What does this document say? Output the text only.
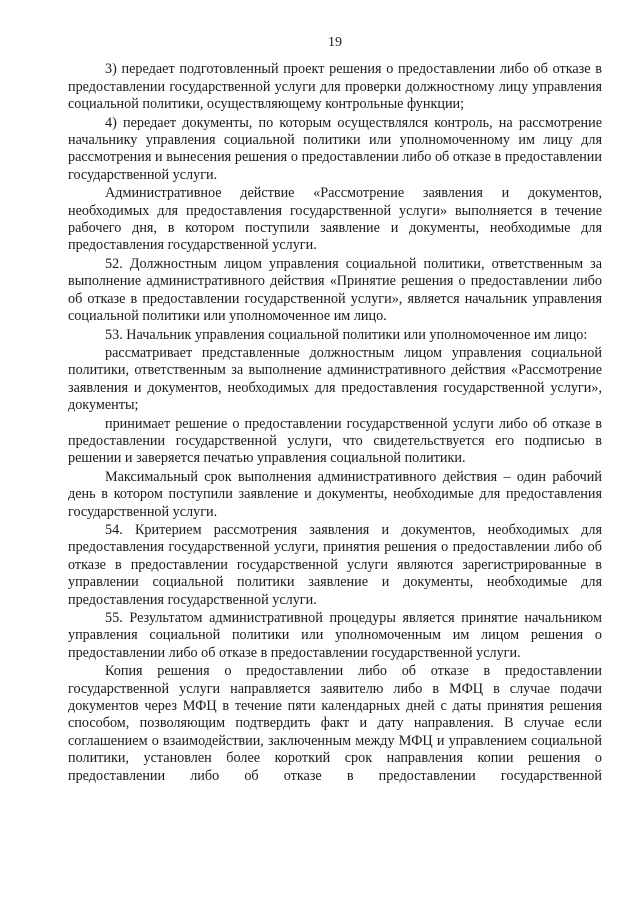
19

3) передает подготовленный проект решения о предоставлении либо об отказе в предоставлении государственной услуги для проверки должностному лицу управления социальной политики, осуществляющему контрольные функции;

4) передает документы, по которым осуществлялся контроль, на рассмотрение начальнику управления социальной политики или уполномоченному им лицу для рассмотрения и вынесения решения о предоставлении либо об отказе в предоставлении государственной услуги.

Административное действие «Рассмотрение заявления и документов, необходимых для предоставления государственной услуги» выполняется в течение рабочего дня, в котором поступили заявление и документы, необходимые для предоставления государственной услуги.

52. Должностным лицом управления социальной политики, ответственным за выполнение административного действия «Принятие решения о предоставлении либо об отказе в предоставлении государственной услуги», является начальник управления социальной политики или уполномоченное им лицо.

53. Начальник управления социальной политики или уполномоченное им лицо:

рассматривает представленные должностным лицом управления социальной политики, ответственным за выполнение административного действия «Рассмотрение заявления и документов, необходимых для предоставления государственной услуги», документы;

принимает решение о предоставлении государственной услуги либо об отказе в предоставлении государственной услуги, что свидетельствуется его подписью в решении и заверяется печатью управления социальной политики.

Максимальный срок выполнения административного действия – один рабочий день в котором поступили заявление и документы, необходимые для предоставления государственной услуги.

54. Критерием рассмотрения заявления и документов, необходимых для предоставления государственной услуги, принятия решения о предоставлении либо об отказе в предоставлении государственной услуги являются зарегистрированные в управлении социальной политики заявление и документы, необходимые для предоставления государственной услуги.

55. Результатом административной процедуры является принятие начальником управления социальной политики или уполномоченным им лицом решения о предоставлении либо об отказе в предоставлении государственной услуги.

Копия решения о предоставлении либо об отказе в предоставлении государственной услуги направляется заявителю либо в МФЦ в случае подачи документов через МФЦ в течение пяти календарных дней с даты принятия решения способом, позволяющим подтвердить факт и дату направления. В случае если соглашением о взаимодействии, заключенным между МФЦ и управлением социальной политики, установлен более короткий срок направления копии решения о предоставлении либо об отказе в предоставлении государственной
